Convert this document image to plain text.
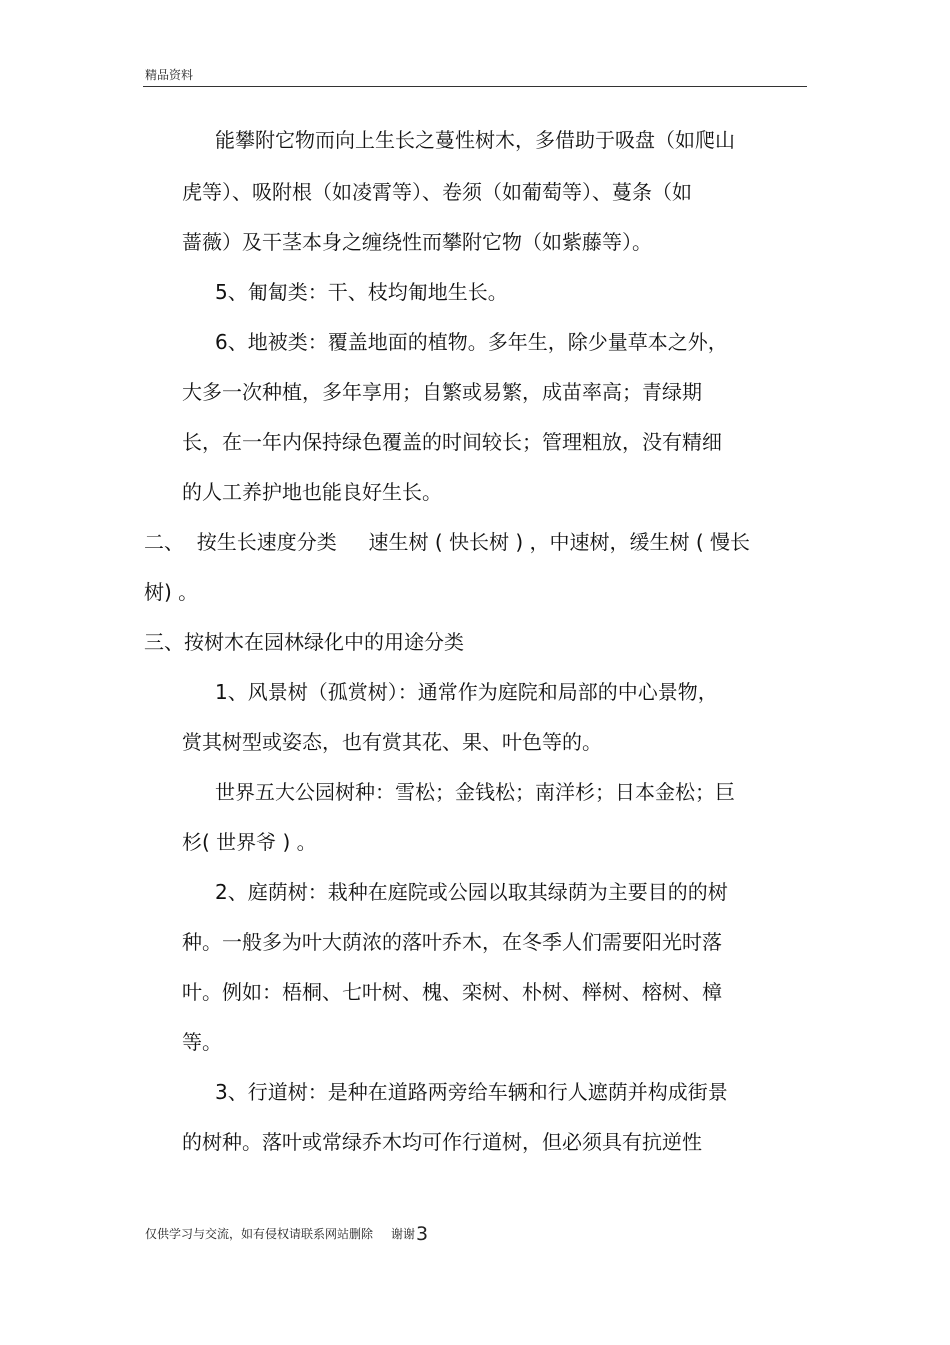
精品资料
能攀附它物而向上生长之蔓性树木，多借助于吸盘（如爬山
虎等）、吸附根（如凌霄等）、卷须（如葡萄等）、蔓条（如
蔷薇）及干茎本身之缠绕性而攀附它物（如紫藤等）。
5、匍匐类：干、枝均匍地生长。
6、地被类：覆盖地面的植物。多年生，除少量草本之外，
大多一次种植，多年享用；自繁或易繁，成苗率高；青绿期
长，在一年内保持绿色覆盖的时间较长；管理粗放，没有精细
的人工养护地也能良好生长。
二、  按生长速度分类     速生树 ( 快长树 ) ，中速树，缓生树 ( 慢长
树) 。
三、按树木在园林绿化中的用途分类
1、风景树（孤赏树）：通常作为庭院和局部的中心景物，
赏其树型或姿态，也有赏其花、果、叶色等的。
世界五大公园树种：雪松；金钱松；南洋杉；日本金松；巨
杉( 世界爷 ) 。
2、庭荫树：栽种在庭院或公园以取其绿荫为主要目的的树
种。一般多为叶大荫浓的落叶乔木，在冬季人们需要阳光时落
叶。例如：梧桐、七叶树、槐、栾树、朴树、榉树、榕树、樟
等。
3、行道树：是种在道路两旁给车辆和行人遮荫并构成街景
的树种。落叶或常绿乔木均可作行道树，但必须具有抗逆性
仅供学习与交流，如有侵权请联系网站删除 谢谢3
